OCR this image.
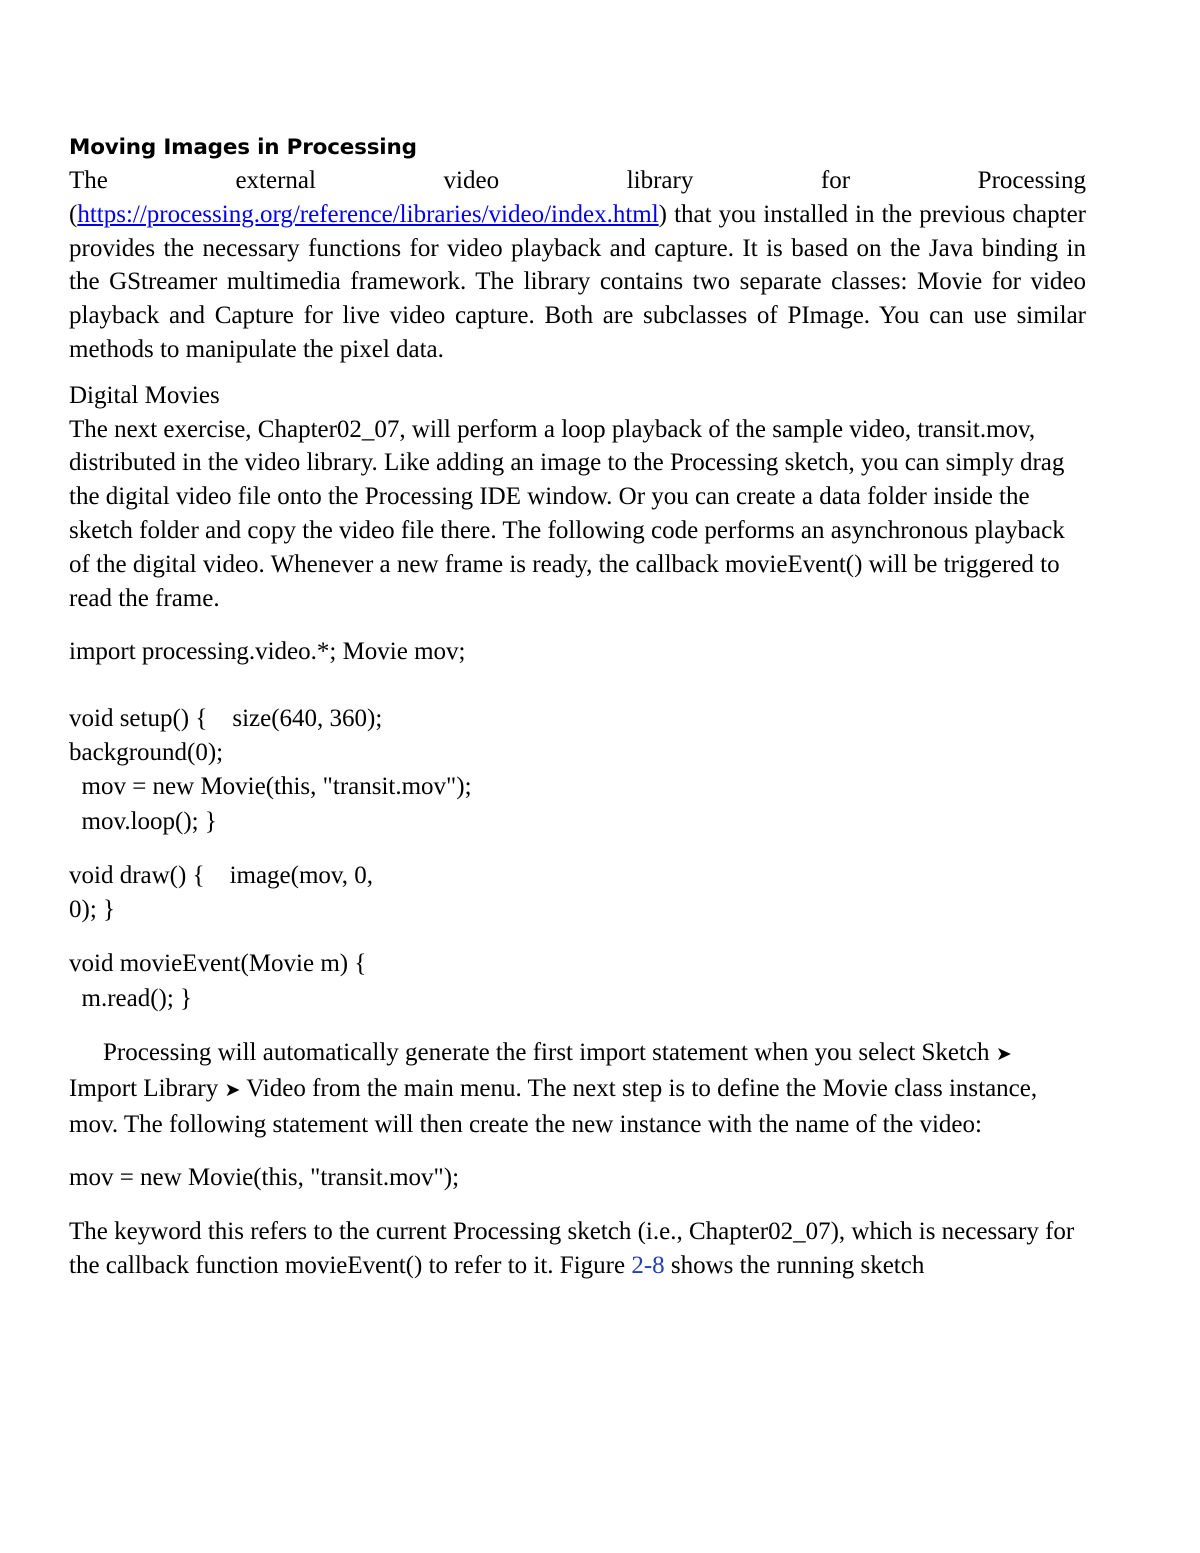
Moving Images in Processing

The external video library for Processing

(https://processing.org/reference/libraries/video/index.html) that you installed in the previous chapter provides the necessary functions for video playback and capture. It is based on the Java binding in the GStreamer multimedia framework. The library contains two separate classes: Movie for video playback and Capture for live video capture. Both are subclasses of PImage. You can use similar methods to manipulate the pixel data.

Digital Movies

The next exercise, Chapter02_07, will perform a loop playback of the sample video, transit.mov, distributed in the video library. Like adding an image to the Processing sketch, you can simply drag the digital video file onto the Processing IDE window. Or you can create a data folder inside the sketch folder and copy the video file there. The following code performs an asynchronous playback of the digital video. Whenever a new frame is ready, the callback movieEvent() will be triggered to read the frame.

import processing.video.*; Movie mov;

void setup() {    size(640, 360);

background(0);

mov = new Movie(this, "transit.mov");

mov.loop(); }

void draw() {    image(mov, 0,

0); }

void movieEvent(Movie m) {

m.read(); }

Processing will automatically generate the first import statement when you select Sketch ➤ Import Library ➤ Video from the main menu. The next step is to define the Movie class instance, mov. The following statement will then create the new instance with the name of the video:

mov = new Movie(this, "transit.mov");

The keyword this refers to the current Processing sketch (i.e., Chapter02_07), which is necessary for the callback function movieEvent() to refer to it. Figure 2-8 shows the running sketch
